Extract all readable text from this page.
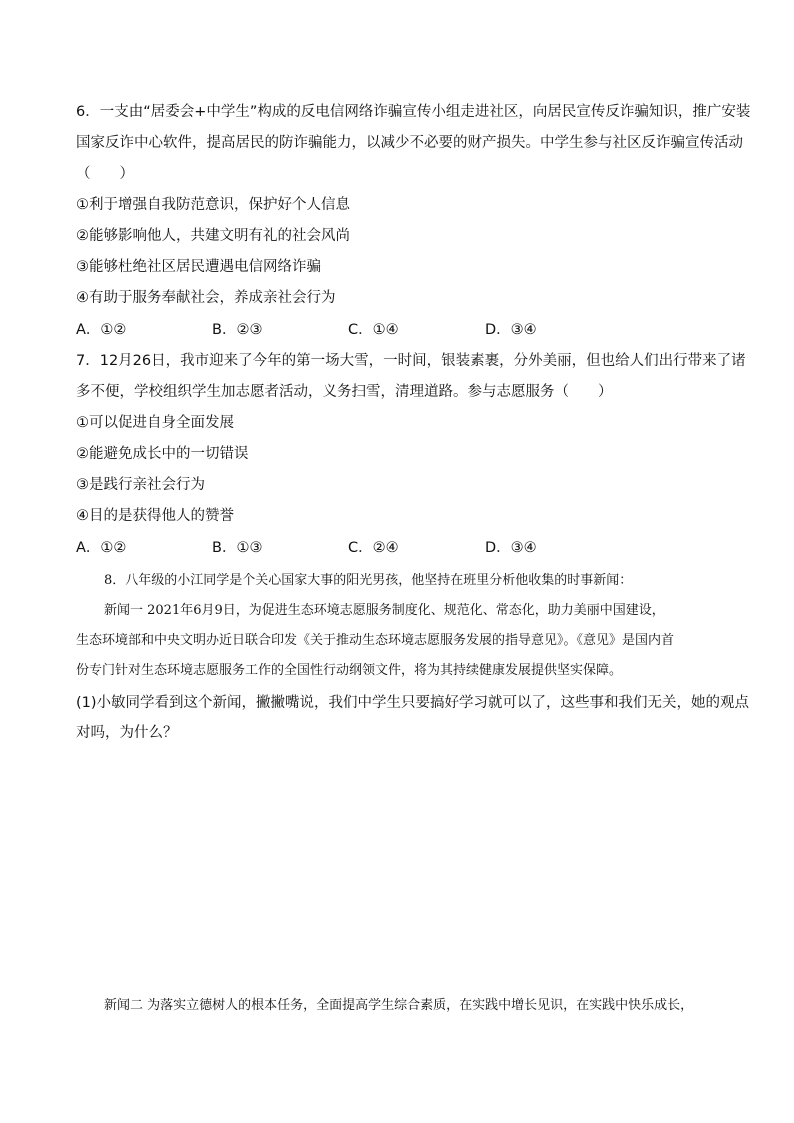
6．一支由“居委会+中学生”构成的反电信网络诈骗宣传小组走进社区，向居民宣传反诈骗知识，推广安装
国家反诈中心软件，提高居民的防诈骗能力，以减少不必要的财产损失。中学生参与社区反诈骗宣传活动
（　　）
①利于增强自我防范意识，保护好个人信息
②能够影响他人，共建文明有礼的社会风尚
③能够杜绝社区居民遭遇电信网络诈骗
④有助于服务奉献社会，养成亲社会行为
A．①②	B．②③	C．①④	D．③④
7．12月26日，我市迎来了今年的第一场大雪，一时间，银装素裹，分外美丽，但也给人们出行带来了诸
多不便，学校组织学生加志愿者活动，义务扫雪，清理道路。参与志愿服务（　　）
①可以促进自身全面发展
②能避免成长中的一切错误
③是践行亲社会行为
④目的是获得他人的赞誉
A．①②	B．①③	C．②④	D．③④
8．八年级的小江同学是个关心国家大事的阳光男孩，他坚持在班里分析他收集的时事新闻：
新闻一 2021年6月9日，为促进生态环境志愿服务制度化、规范化、常态化，助力美丽中国建设，
生态环境部和中央文明办近日联合印发《关于推动生态环境志愿服务发展的指导意见》。《意见》是国内首
份专门针对生态环境志愿服务工作的全国性行动纲领文件，将为其持续健康发展提供坚实保障。
(1)小敏同学看到这个新闻，撇撇嘴说，我们中学生只要搞好学习就可以了，这些事和我们无关，她的观点
对吗，为什么？
新闻二 为落实立德树人的根本任务，全面提高学生综合素质，在实践中增长见识，在实践中快乐成长，
